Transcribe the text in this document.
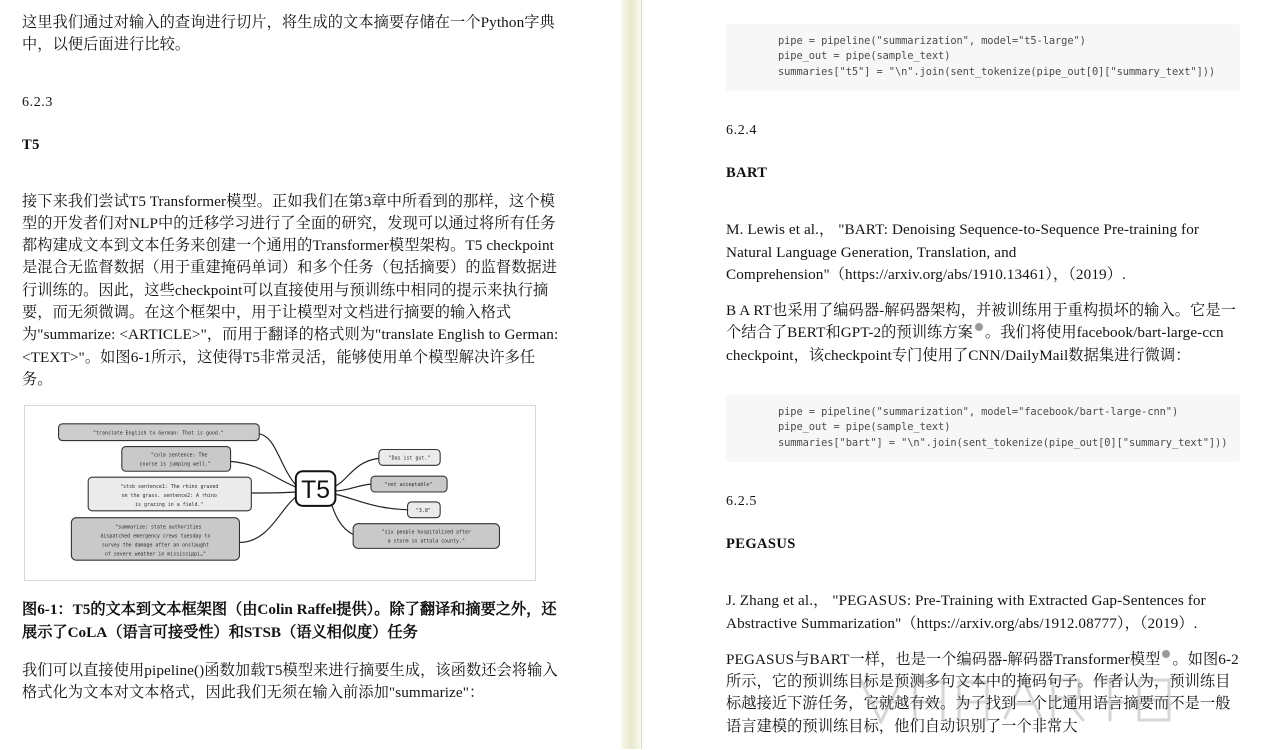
这里我们通过对输入的查询进行切片，将生成的文本摘要存储在一个Python字典中，以便后面进行比较。

6.2.3

T5

接下来我们尝试T5 Transformer模型。正如我们在第3章中所看到的那样，这个模型的开发者们对NLP中的迁移学习进行了全面的研究，发现可以通过将所有任务都构建成文本到文本任务来创建一个通用的Transformer模型架构。T5 checkpoint是混合无监督数据（用于重建掩码单词）和多个任务（包括摘要）的监督数据进行训练的。因此，这些checkpoint可以直接使用与预训练中相同的提示来执行摘要，而无须微调。在这个框架中，用于让模型对文档进行摘要的输入格式为"summarize: <ARTICLE>"，而用于翻译的格式则为"translate English to German: <TEXT>"。如图6-1所示，这使得T5非常灵活，能够使用单个模型解决许多任务。

"translate English to German: That is good."
"cola sentence: The
course is jumping well."
"stsb sentence1: The rhino grazed
on the grass. sentence2: A rhino
is grazing in a field."
"summarize: state authorities
dispatched emergency crews tuesday to
survey the damage after an onslaught
of severe weather in mississippi…"
T5
"Das ist gut."
"not acceptable"
"3.8"
"six people hospitalized after
a storm in attala county."

图6-1：T5的文本到文本框架图（由Colin Raffel提供）。除了翻译和摘要之外，还展示了CoLA（语言可接受性）和STSB（语义相似度）任务

我们可以直接使用pipeline()函数加载T5模型来进行摘要生成，该函数还会将输入格式化为文本对文本格式，因此我们无须在输入前添加"summarize"：

pipe = pipeline("summarization", model="t5-large")
pipe_out = pipe(sample_text)
summaries["t5"] = "\n".join(sent_tokenize(pipe_out[0]["summary_text"]))

6.2.4

BART

M. Lewis et al.， "BART: Denoising Sequence-to-Sequence Pre-training for Natural Language Generation, Translation, and Comprehension"（https://arxiv.org/abs/1910.13461），（2019）.

B A RT也采用了编码器-解码器架构，并被训练用于重构损坏的输入。它是一个结合了BERT和GPT-2的预训练方案 。我们将使用facebook/bart-large-ccn checkpoint，该checkpoint专门使用了CNN/DailyMail数据集进行微调：

pipe = pipeline("summarization", model="facebook/bart-large-cnn")
pipe_out = pipe(sample_text)
summaries["bart"] = "\n".join(sent_tokenize(pipe_out[0]["summary_text"]))

6.2.5

PEGASUS

J. Zhang et al.， "PEGASUS: Pre-Training with Extracted Gap-Sentences for Abstractive Summarization"（https://arxiv.org/abs/1912.08777），（2019）.

PEGASUS与BART一样，也是一个编码器-解码器Transformer模型 。如图6-2所示，它的预训练目标是预测多句文本中的掩码句子。作者认为，预训练目标越接近下游任务，它就越有效。为了找到一个比通用语言摘要而不是一般语言建模的预训练目标，他们自动识别了一个非常大
